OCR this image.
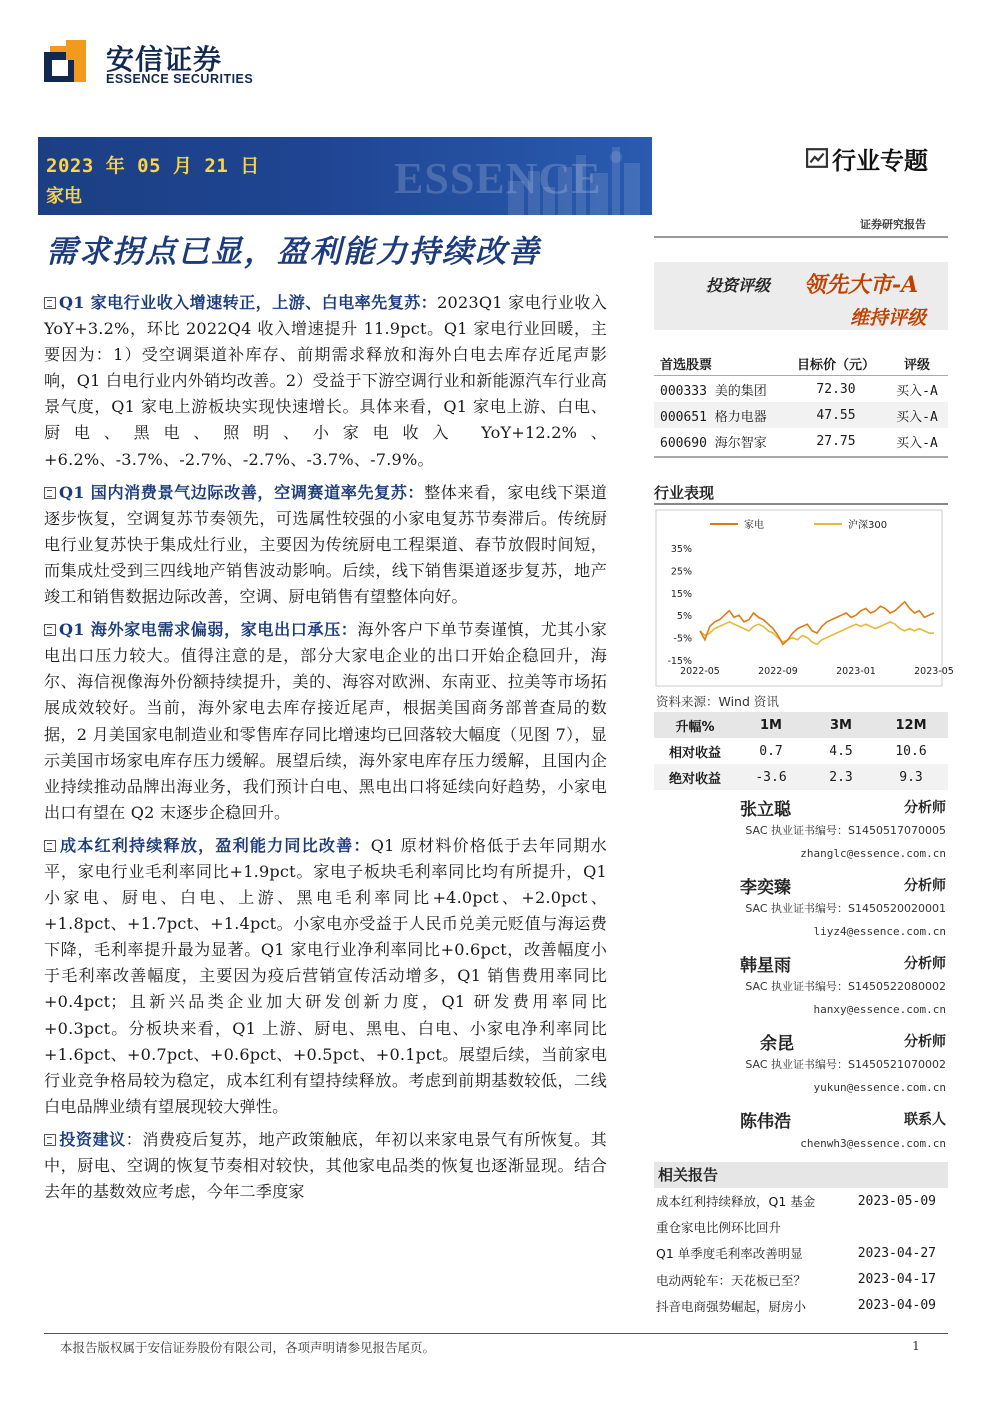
安信证券
ESSENCE SECURITIES
ESSENCE
2023 年 05 月 21 日
家电
行业专题
证券研究报告
需求拐点已显，盈利能力持续改善

Q1 家电行业收入增速转正，上游、白电率先复苏：2023Q1 家电行业收入 YoY+3.2%，环比 2022Q4 收入增速提升 11.9pct。Q1 家电行业回暖，主要因为：1）受空调渠道补库存、前期需求释放和海外白电去库存近尾声影响，Q1 白电行业内外销均改善。2）受益于下游空调行业和新能源汽车行业高景气度，Q1 家电上游板块实现快速增长。具体来看，Q1 家电上游、白电、厨电、黑电、照明、小家电收入 YoY+12.2%、+6.2%、-3.7%、-2.7%、-2.7%、-3.7%、-7.9%。

Q1 国内消费景气边际改善，空调赛道率先复苏：整体来看，家电线下渠道逐步恢复，空调复苏节奏领先，可选属性较强的小家电复苏节奏滞后。传统厨电行业复苏快于集成灶行业，主要因为传统厨电工程渠道、春节放假时间短，而集成灶受到三四线地产销售波动影响。后续，线下销售渠道逐步复苏，地产竣工和销售数据边际改善，空调、厨电销售有望整体向好。

Q1 海外家电需求偏弱，家电出口承压：海外客户下单节奏谨慎，尤其小家电出口压力较大。值得注意的是，部分大家电企业的出口开始企稳回升，海尔、海信视像海外份额持续提升，美的、海容对欧洲、东南亚、拉美等市场拓展成效较好。当前，海外家电去库存接近尾声，根据美国商务部普查局的数据，2 月美国家电制造业和零售库存同比增速均已回落较大幅度（见图 7），显示美国市场家电库存压力缓解。展望后续，海外家电库存压力缓解，且国内企业持续推动品牌出海业务，我们预计白电、黑电出口将延续向好趋势，小家电出口有望在 Q2 末逐步企稳回升。

成本红利持续释放，盈利能力同比改善：Q1 原材料价格低于去年同期水平，家电行业毛利率同比+1.9pct。家电子板块毛利率同比均有所提升，Q1 小家电、厨电、白电、上游、黑电毛利率同比+4.0pct、+2.0pct、+1.8pct、+1.7pct、+1.4pct。小家电亦受益于人民币兑美元贬值与海运费下降，毛利率提升最为显著。Q1 家电行业净利率同比+0.6pct，改善幅度小于毛利率改善幅度，主要因为疫后营销宣传活动增多，Q1 销售费用率同比+0.4pct；且新兴品类企业加大研发创新力度，Q1 研发费用率同比+0.3pct。分板块来看，Q1 上游、厨电、黑电、白电、小家电净利率同比+1.6pct、+0.7pct、+0.6pct、+0.5pct、+0.1pct。展望后续，当前家电行业竞争格局较为稳定，成本红利有望持续释放。考虑到前期基数较低，二线白电品牌业绩有望展现较大弹性。

投资建议：消费疫后复苏，地产政策触底，年初以来家电景气有所恢复。其中，厨电、空调的恢复节奏相对较快，其他家电品类的恢复也逐渐显现。结合去年的基数效应考虑，今年二季度家

投资评级 领先大市-A
维持评级
首选股票	目标价（元）	评级
000333 美的集团	72.30	买入-A
000651 格力电器	47.55	买入-A
600690 海尔智家	27.75	买入-A
行业表现
家电	沪深300
35%
25%
15%
5%
-5%
-15%
2022-05	2022-09	2023-01	2023-05
资料来源：Wind 资讯
升幅%	1M	3M	12M
相对收益	0.7	4.5	10.6
绝对收益	-3.6	2.3	9.3
张立聪	分析师
SAC 执业证书编号：S1450517070005
zhanglc@essence.com.cn
李奕臻	分析师
SAC 执业证书编号：S1450520020001
liyz4@essence.com.cn
韩星雨	分析师
SAC 执业证书编号：S1450522080002
hanxy@essence.com.cn
余昆	分析师
SAC 执业证书编号：S1450521070002
yukun@essence.com.cn
陈伟浩	联系人
chenwh3@essence.com.cn
相关报告
成本红利持续释放，Q1 基金	2023-05-09
重仓家电比例环比回升
Q1 单季度毛利率改善明显	2023-04-27
电动两轮车：天花板已至？	2023-04-17
抖音电商强势崛起，厨房小	2023-04-09
本报告版权属于安信证券股份有限公司，各项声明请参见报告尾页。	1
